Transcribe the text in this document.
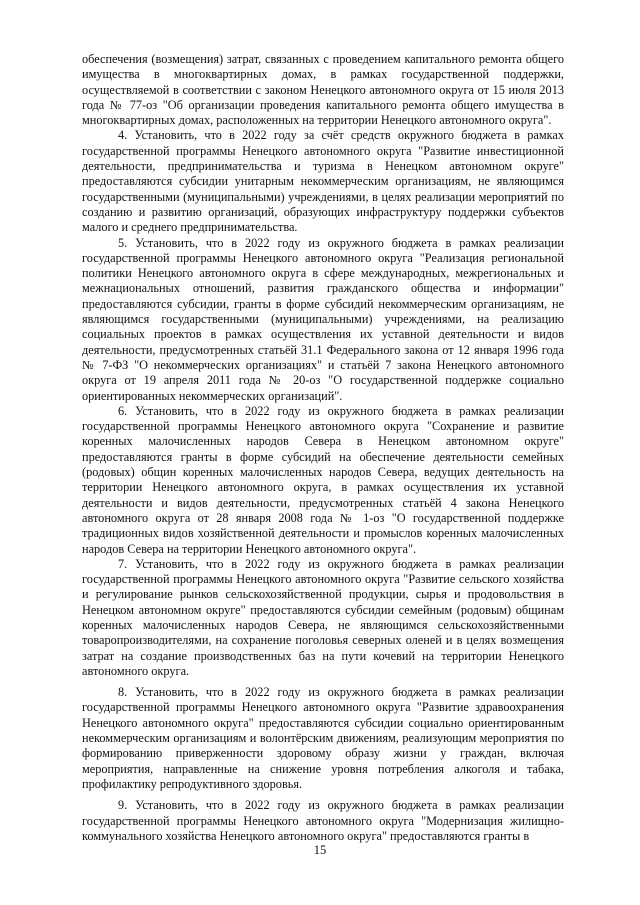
обеспечения (возмещения) затрат, связанных с проведением капитального ремонта общего имущества в многоквартирных домах, в рамках государственной поддержки, осуществляемой в соответствии с законом Ненецкого автономного округа от 15 июля 2013 года № 77-оз "Об организации проведения капитального ремонта общего имущества в многоквартирных домах, расположенных на территории Ненецкого автономного округа".

4. Установить, что в 2022 году за счёт средств окружного бюджета в рамках государственной программы Ненецкого автономного округа "Развитие инвестиционной деятельности, предпринимательства и туризма в Ненецком автономном округе" предоставляются субсидии унитарным некоммерческим организациям, не являющимся государственными (муниципальными) учреждениями, в целях реализации мероприятий по созданию и развитию организаций, образующих инфраструктуру поддержки субъектов малого и среднего предпринимательства.

5. Установить, что в 2022 году из окружного бюджета в рамках реализации государственной программы Ненецкого автономного округа "Реализация региональной политики Ненецкого автономного округа в сфере международных, межрегиональных и межнациональных отношений, развития гражданского общества и информации" предоставляются субсидии, гранты в форме субсидий некоммерческим организациям, не являющимся государственными (муниципальными) учреждениями, на реализацию социальных проектов в рамках осуществления их уставной деятельности и видов деятельности, предусмотренных статьёй 31.1 Федерального закона от 12 января 1996 года № 7-ФЗ "О некоммерческих организациях" и статьёй 7 закона Ненецкого автономного округа от 19 апреля 2011 года № 20-оз "О государственной поддержке социально ориентированных некоммерческих организаций".

6. Установить, что в 2022 году из окружного бюджета в рамках реализации государственной программы Ненецкого автономного округа "Сохранение и развитие коренных малочисленных народов Севера в Ненецком автономном округе" предоставляются гранты в форме субсидий на обеспечение деятельности семейных (родовых) общин коренных малочисленных народов Севера, ведущих деятельность на территории Ненецкого автономного округа, в рамках осуществления их уставной деятельности и видов деятельности, предусмотренных статьёй 4 закона Ненецкого автономного округа от 28 января 2008 года № 1-оз "О государственной поддержке традиционных видов хозяйственной деятельности и промыслов коренных малочисленных народов Севера на территории Ненецкого автономного округа".

7. Установить, что в 2022 году из окружного бюджета в рамках реализации государственной программы Ненецкого автономного округа "Развитие сельского хозяйства и регулирование рынков сельскохозяйственной продукции, сырья и продовольствия в Ненецком автономном округе" предоставляются субсидии семейным (родовым) общинам коренных малочисленных народов Севера, не являющимся сельскохозяйственными товаропроизводителями, на сохранение поголовья северных оленей и в целях возмещения затрат на создание производственных баз на пути кочевий на территории Ненецкого автономного округа.

8. Установить, что в 2022 году из окружного бюджета в рамках реализации государственной программы Ненецкого автономного округа "Развитие здравоохранения Ненецкого автономного округа" предоставляются субсидии социально ориентированным некоммерческим организациям и волонтёрским движениям, реализующим мероприятия по формированию приверженности здоровому образу жизни у граждан, включая мероприятия, направленные на снижение уровня потребления алкоголя и табака, профилактику репродуктивного здоровья.

9. Установить, что в 2022 году из окружного бюджета в рамках реализации государственной программы Ненецкого автономного округа "Модернизация жилищно-коммунального хозяйства Ненецкого автономного округа" предоставляются гранты в

15
